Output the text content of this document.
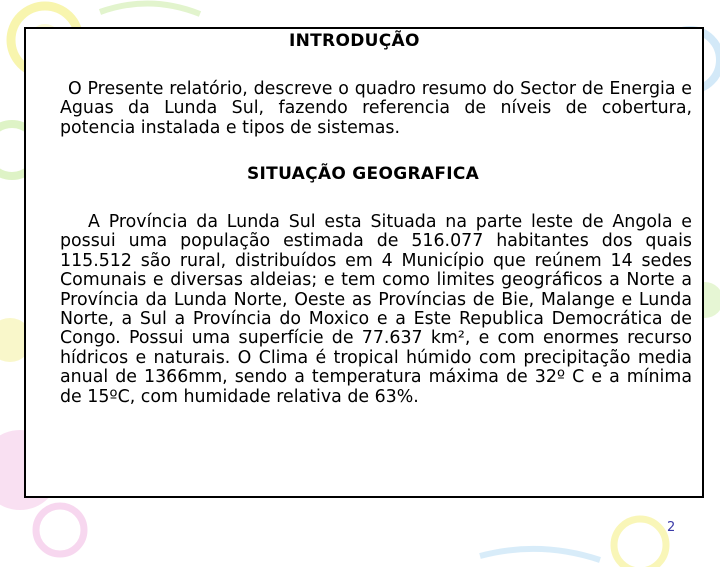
INTRODUÇÃO
O Presente relatório, descreve o quadro resumo do Sector de Energia e Aguas da Lunda Sul, fazendo referencia de níveis de cobertura, potencia instalada e tipos de sistemas.
SITUAÇÃO GEOGRAFICA
A Província da Lunda Sul esta Situada na parte leste de Angola e possui uma população estimada de 516.077 habitantes dos quais 115.512 são rural, distribuídos em 4 Município que reúnem 14 sedes Comunais e diversas aldeias; e tem como limites geográficos a Norte a Província da Lunda Norte, Oeste as Províncias de Bie, Malange e Lunda Norte, a Sul a Província do Moxico e a Este Republica Democrática de Congo. Possui uma superfície de 77.637 km², e com enormes recurso hídricos e naturais. O Clima é tropical húmido com precipitação media anual de 1366mm, sendo a temperatura máxima de 32º C e a mínima de 15ºC, com humidade relativa de 63%.
2
